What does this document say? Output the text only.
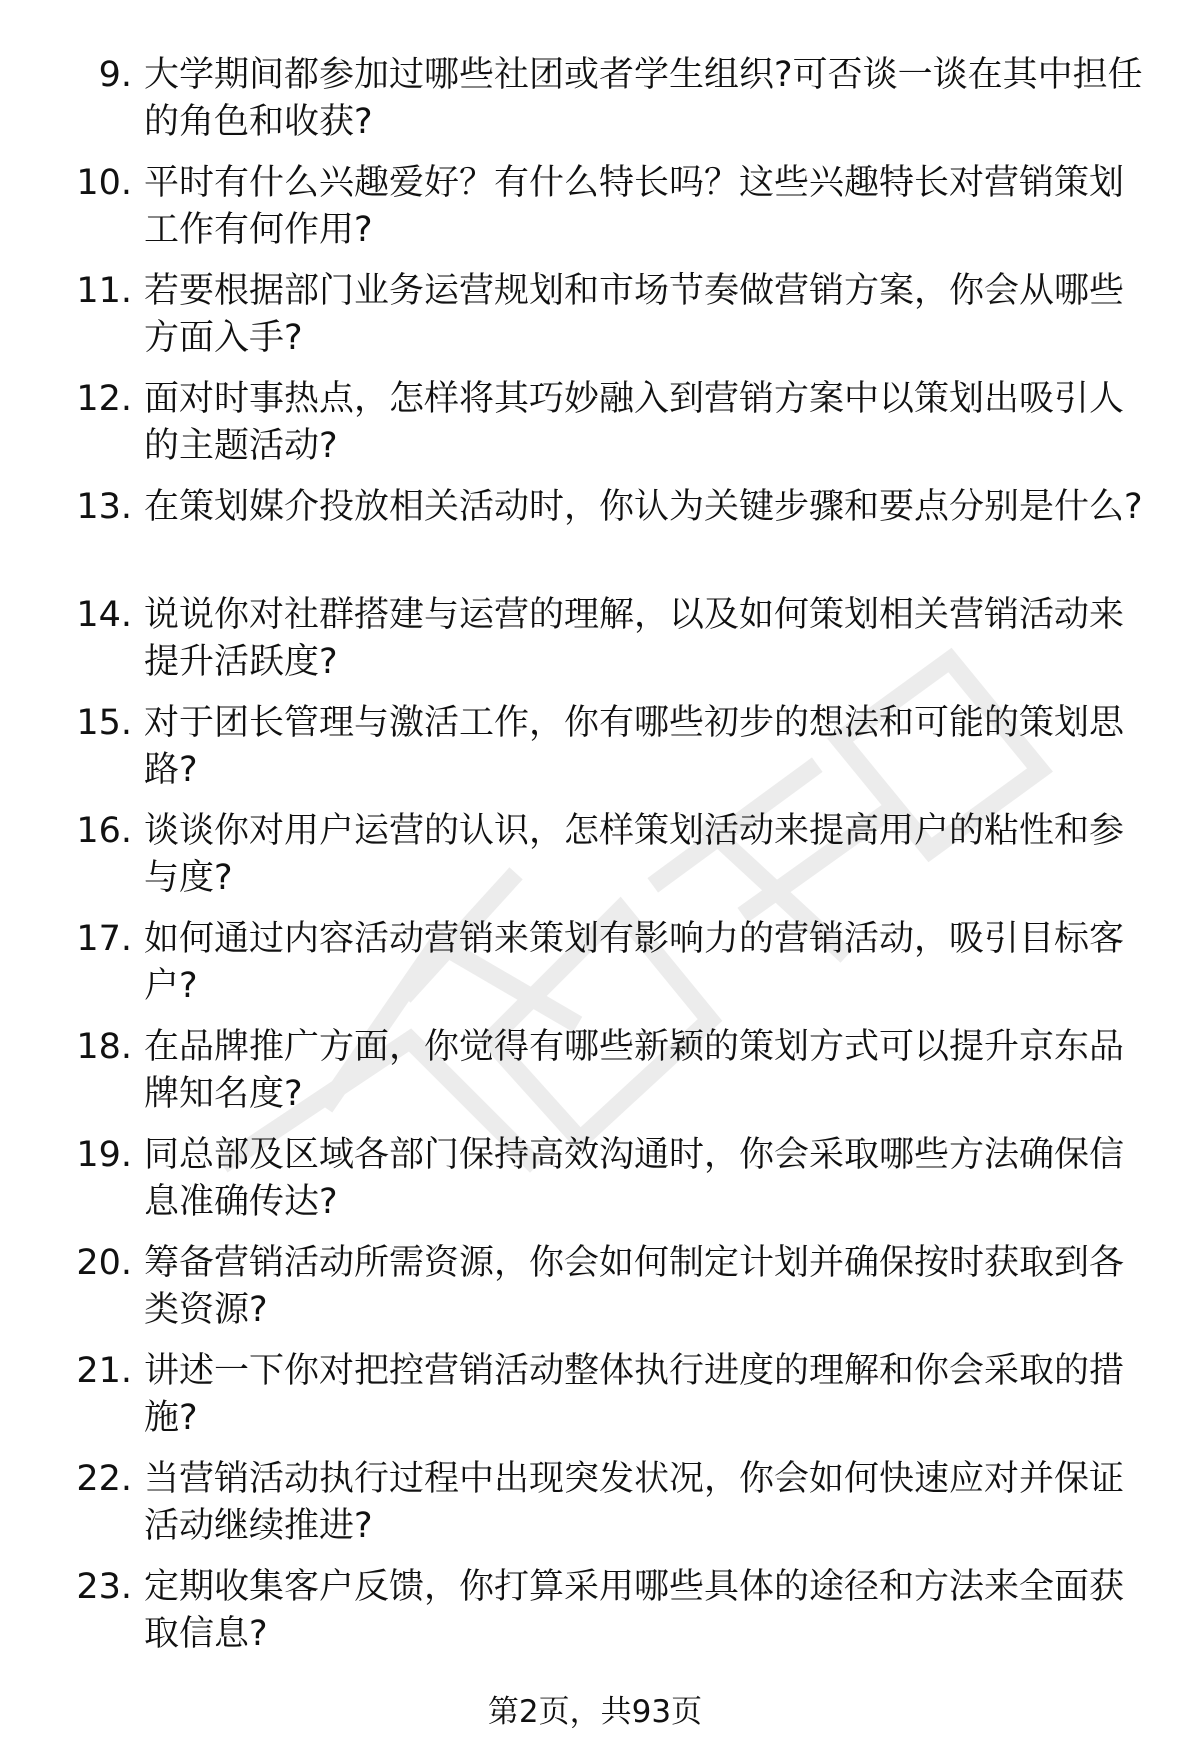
9. 大学期间都参加过哪些社团或者学生组织?可否谈一谈在其中担任的角色和收获?
10. 平时有什么兴趣爱好？有什么特长吗？这些兴趣特长对营销策划工作有何作用?
11. 若要根据部门业务运营规划和市场节奏做营销方案，你会从哪些方面入手?
12. 面对时事热点，怎样将其巧妙融入到营销方案中以策划出吸引人的主题活动?
13. 在策划媒介投放相关活动时，你认为关键步骤和要点分别是什么?
14. 说说你对社群搭建与运营的理解，以及如何策划相关营销活动来提升活跃度?
15. 对于团长管理与激活工作，你有哪些初步的想法和可能的策划思路?
16. 谈谈你对用户运营的认识，怎样策划活动来提高用户的粘性和参与度?
17. 如何通过内容活动营销来策划有影响力的营销活动，吸引目标客户?
18. 在品牌推广方面，你觉得有哪些新颖的策划方式可以提升京东品牌知名度?
19. 同总部及区域各部门保持高效沟通时，你会采取哪些方法确保信息准确传达?
20. 筹备营销活动所需资源，你会如何制定计划并确保按时获取到各类资源?
21. 讲述一下你对把控营销活动整体执行进度的理解和你会采取的措施?
22. 当营销活动执行过程中出现突发状况，你会如何快速应对并保证活动继续推进?
23. 定期收集客户反馈，你打算采用哪些具体的途径和方法来全面获取信息?
第2页，共93页
